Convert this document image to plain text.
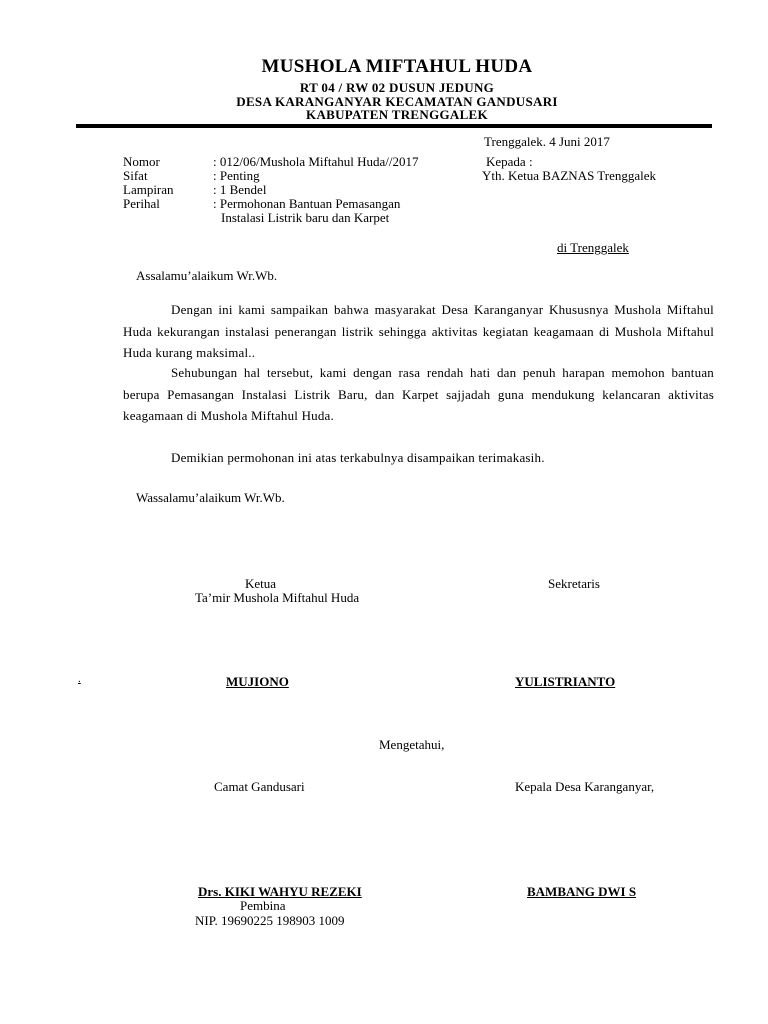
MUSHOLA MIFTAHUL HUDA
RT 04 / RW 02 DUSUN JEDUNG
DESA KARANGANYAR KECAMATAN GANDUSARI
KABUPATEN TRENGGALEK
Trenggalek. 4 Juni 2017
Nomor	: 012/06/Mushola Miftahul Huda//2017
Sifat	: Penting
Lampiran	: 1 Bendel
Perihal	: Permohonan Bantuan Pemasangan
Instalasi Listrik baru dan Karpet
Kepada :
Yth. Ketua BAZNAS Trenggalek
di Trenggalek
Assalamu’alaikum Wr.Wb.
Dengan ini kami sampaikan bahwa masyarakat Desa Karanganyar Khususnya Mushola Miftahul Huda kekurangan instalasi penerangan listrik sehingga aktivitas kegiatan keagamaan di Mushola Miftahul Huda kurang maksimal..
Sehubungan hal tersebut, kami dengan rasa rendah hati dan penuh harapan memohon bantuan berupa Pemasangan Instalasi Listrik Baru, dan Karpet sajjadah guna mendukung kelancaran aktivitas keagamaan di Mushola Miftahul Huda.
Demikian permohonan ini atas terkabulnya disampaikan terimakasih.
Wassalamu’alaikum Wr.Wb.
Ketua
Ta’mir Mushola Miftahul Huda
Sekretaris
.	MUJIONO	YULISTRIANTO
Mengetahui,
Camat Gandusari	Kepala Desa Karanganyar,
Drs. KIKI WAHYU REZEKI
Pembina
NIP. 19690225 198903 1009
BAMBANG DWI S
